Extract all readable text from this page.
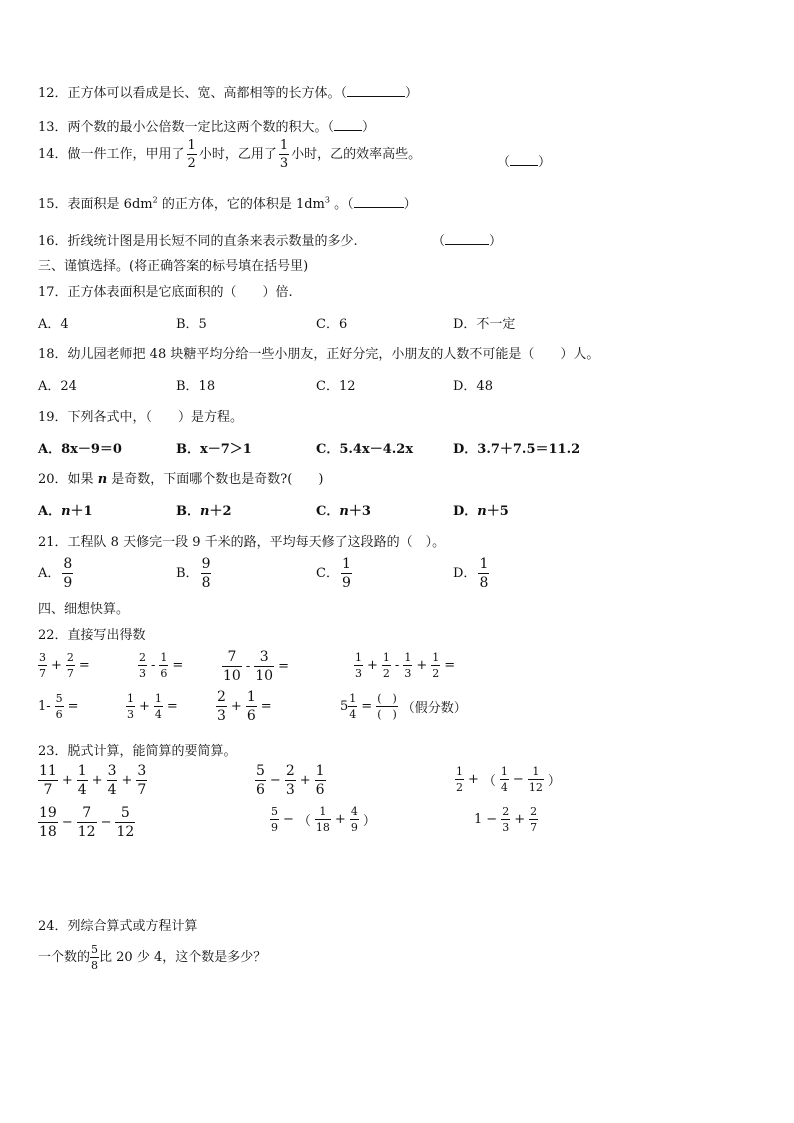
12．正方体可以看成是长、宽、高都相等的长方体。（	）
13．两个数的最小公倍数一定比这两个数的积大。（ ）
14．做一件工作，甲用了 $\frac{1}{2}$ 小时，乙用了 $\frac{1}{3}$ 小时，乙的效率高些。
（ ）
15．表面积是 $6dm^2$ 的正方体，它的体积是 $1dm^3$ 。（	）
16．折线统计图是用长短不同的直条来表示数量的多少.	（	）
三、谨慎选择。(将正确答案的标号填在括号里)
17．正方体表面积是它底面积的（　　）倍.
A．4	B．5	C．6	D．不一定
18．幼儿园老师把 48 块糖平均分给一些小朋友，正好分完，小朋友的人数不可能是（　　）人。
A．24	B．18	C．12	D．48
19．下列各式中，（　　）是方程。
A．8x－9＝0	B．x－7＞1	C．5.4x－4.2x	D．3.7＋7.5＝11.2
20．如果 n 是奇数，下面哪个数也是奇数?(　　)
A．n＋1	B．n＋2	C．n＋3	D．n＋5
21．工程队 8 天修完一段 9 千米的路，平均每天修了这段路的（　）。
A． $\frac{8}{9}$	B． $\frac{9}{8}$	C． $\frac{1}{9}$	D． $\frac{1}{8}$
四、细想快算。
22．直接写出得数
$\frac{3}{7} + \frac{2}{7}$ =	$\frac{2}{3} - \frac{1}{6}$ =	$\frac{7}{10} - \frac{3}{10}$ =	$\frac{1}{3} + \frac{1}{2} - \frac{1}{3} + \frac{1}{2}$ =
$1- \frac{5}{6}$ =	$\frac{1}{3} + \frac{1}{4}$ =	$\frac{2}{3} + \frac{1}{6}$ =	$5 \frac{1}{4} = \frac{( )}{( )}$ （假分数）
23．脱式计算，能简算的要简算。
$\frac{11}{7} + \frac{1}{4} + \frac{3}{4} + \frac{3}{7}$	$\frac{5}{6} - \frac{2}{3} + \frac{1}{6}$	$\frac{1}{2}$ + （ $\frac{1}{4} - \frac{1}{12}$ ）
$\frac{19}{18} - \frac{7}{12} - \frac{5}{12}$	$\frac{5}{9}$ − （ $\frac{1}{18} + \frac{4}{9}$ ）	$1 - \frac{2}{3} + \frac{2}{7}$
24．列综合算式或方程计算
一个数的 $\frac{5}{8}$ 比 20 少 4，这个数是多少？
